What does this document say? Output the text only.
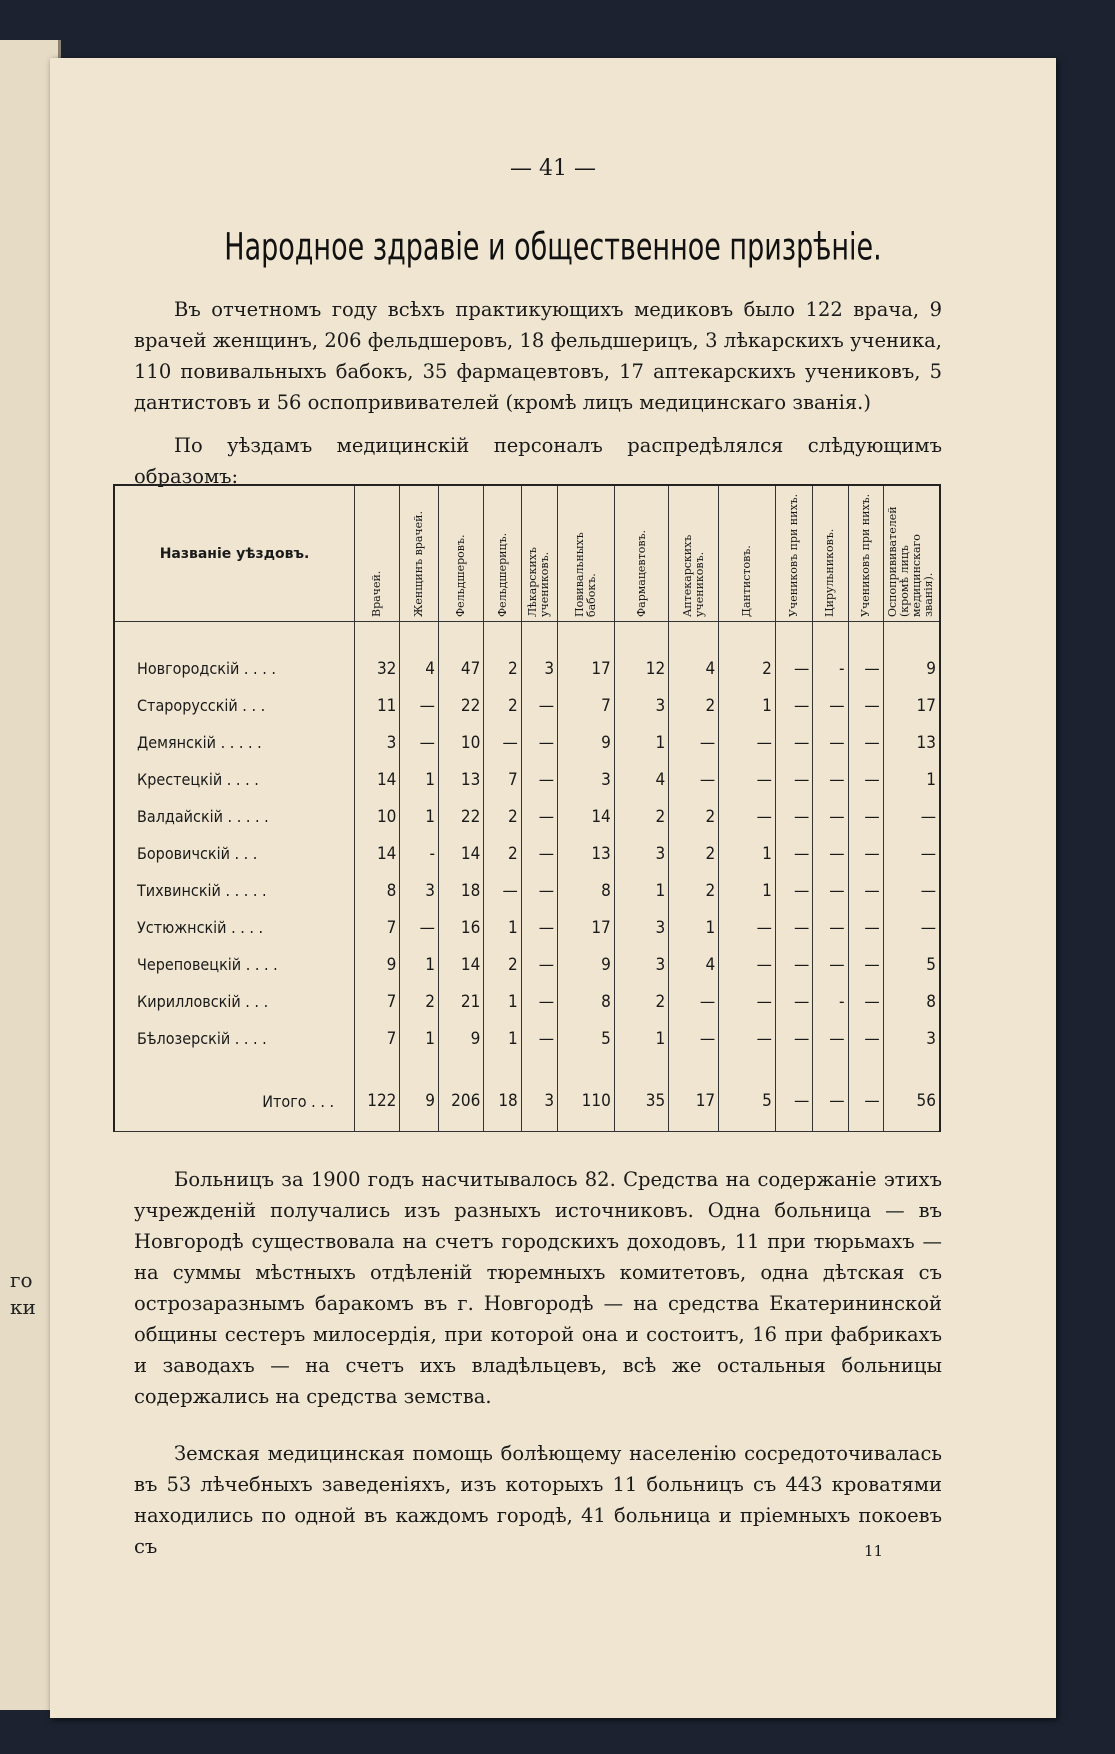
го
ки
— 41 —
Народное здравіе и общественное призрѣніе.
Въ отчетномъ году всѣхъ практикующихъ медиковъ было 122 врача, 9 врачей женщинъ, 206 фельдшеровъ, 18 фельдшерицъ, 3 лѣкарскихъ ученика, 110 повивальныхъ бабокъ, 35 фармацевтовъ, 17 аптекарскихъ учениковъ, 5 дантистовъ и 56 оспопрививателей (кромѣ лицъ медицинскаго званія.)
По уѣздамъ медицинскій персоналъ распредѣлялся слѣдующимъ образомъ:
Названіе уѣздовъ.	Врачей.	Женщинъ врачей.	Фельдшеровъ.	Фельдшерицъ.	Лѣкарскихъ учениковъ.	Повивальныхъ бабокъ.	Фармацевтовъ.	Аптекарскихъ учениковъ.	Дантистовъ.	Учениковъ при нихъ.	Цирульниковъ.	Учениковъ при нихъ.	Оспопрививателей (кромѣ лицъ медицинскаго званія).

Новгородскій . . . .	32	4	47	2	3	17	12	4	2	—	-	—	9
Старорусскій . . .	11	—	22	2	—	7	3	2	1	—	—	—	17
Демянскій . . . . .	3	—	10	—	—	9	1	—	—	—	—	—	13
Крестецкій . . . .	14	1	13	7	—	3	4	—	—	—	—	—	1
Валдайскій . . . . .	10	1	22	2	—	14	2	2	—	—	—	—	—
Боровичскій . . .	14	-	14	2	—	13	3	2	1	—	—	—	—
Тихвинскій . . . . .	8	3	18	—	—	8	1	2	1	—	—	—	—
Устюжнскій . . . .	7	—	16	1	—	17	3	1	—	—	—	—	—
Череповецкій . . . .	9	1	14	2	—	9	3	4	—	—	—	—	5
Кирилловскій . . .	7	2	21	1	—	8	2	—	—	—	-	—	8
Бѣлозерскій . . . .	7	1	9	1	—	5	1	—	—	—	—	—	3

Итого . . .	122	9	206	18	3	110	35	17	5	—	—	—	56
Больницъ за 1900 годъ насчитывалось 82. Средства на содержаніе этихъ учрежденій получались изъ разныхъ источниковъ. Одна больница — въ Новгородѣ существовала на счетъ городскихъ доходовъ, 11 при тюрьмахъ — на суммы мѣстныхъ отдѣленій тюремныхъ комитетовъ, одна дѣтская съ острозаразнымъ баракомъ въ г. Новгородѣ — на средства Екатерининской общины сестеръ милосердія, при которой она и состоитъ, 16 при фабрикахъ и заводахъ — на счетъ ихъ владѣльцевъ, всѣ же остальныя больницы содержались на средства земства.
Земская медицинская помощь болѣющему населенію сосредоточивалась въ 53 лѣчебныхъ заведеніяхъ, изъ которыхъ 11 больницъ съ 443 кроватями находились по одной въ каждомъ городѣ, 41 больница и пріемныхъ покоевъ съ	11
